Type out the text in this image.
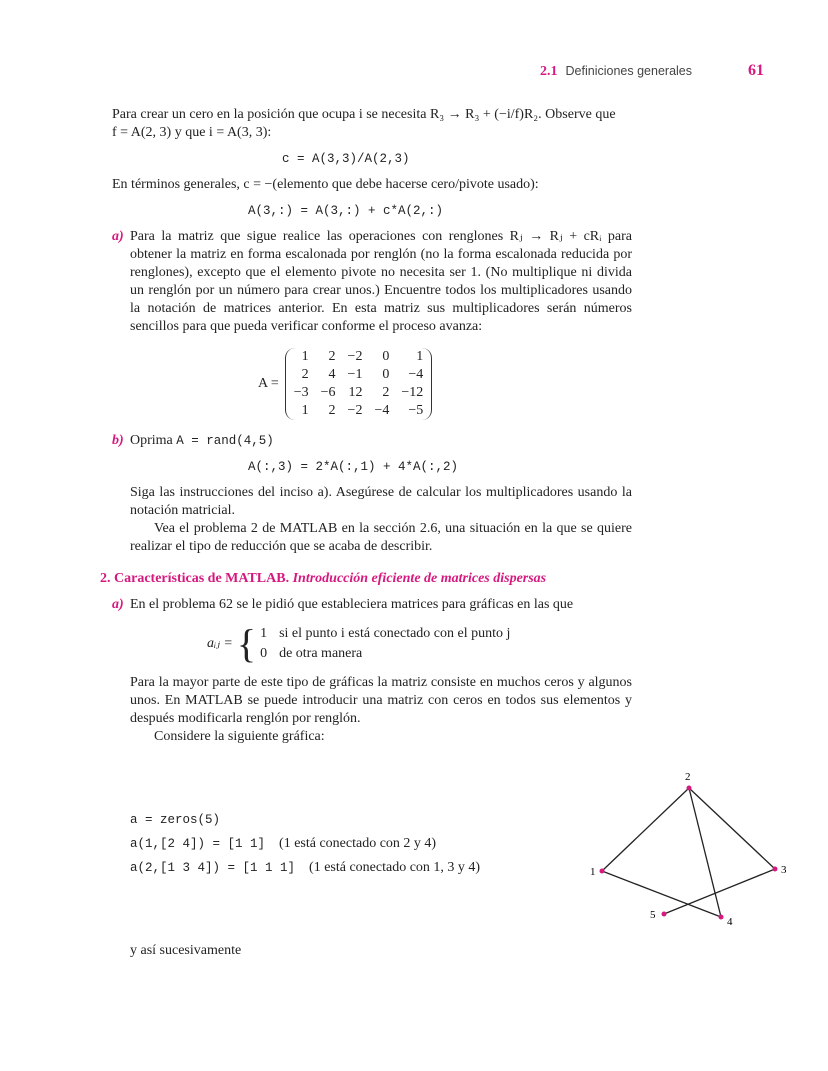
2.1 Definiciones generales	61
Para crear un cero en la posición que ocupa i se necesita R₃ → R₃ + (−i/f)R₂. Observe que
f = A(2, 3) y que i = A(3, 3):
c = A(3,3)/A(2,3)
En términos generales, c = −(elemento que debe hacerse cero/pivote usado):
A(3,:) = A(3,:) + c*A(2,:)
a) Para la matriz que sigue realice las operaciones con renglones Rⱼ → Rⱼ + cRᵢ para obtener la matriz en forma escalonada por renglón (no la forma escalonada reducida por renglones), excepto que el elemento pivote no necesita ser 1. (No multiplique ni divida un renglón por un número para crear unos.) Encuentre todos los multiplicadores usando la notación de matrices anterior. En esta matriz sus multiplicadores serán números sencillos para que pueda verificar conforme el proceso avanza:
A =
1	2	−2	0	1
2	4	−1	0	−4
−3	−6	12	2	−12
1	2	−2	−4	−5
b) Oprima A = rand(4,5)
A(:,3) = 2*A(:,1) + 4*A(:,2)
Siga las instrucciones del inciso a). Asegúrese de calcular los multiplicadores usando la notación matricial.
Vea el problema 2 de MATLAB en la sección 2.6, una situación en la que se quiere realizar el tipo de reducción que se acaba de describir.
2. Características de MATLAB. Introducción eficiente de matrices dispersas
a) En el problema 62 se le pidió que estableciera matrices para gráficas en las que
aᵢⱼ = { 1 si el punto i está conectado con el punto j
0 de otra manera
Para la mayor parte de este tipo de gráficas la matriz consiste en muchos ceros y algunos unos. En MATLAB se puede introducir una matriz con ceros en todos sus elementos y después modificarla renglón por renglón.
Considere la siguiente gráfica:
a = zeros(5)
a(1,[2 4]) = [1 1] (1 está conectado con 2 y 4)
a(2,[1 3 4]) = [1 1 1] (1 está conectado con 1, 3 y 4)	1
2
3
4
5
y así sucesivamente
